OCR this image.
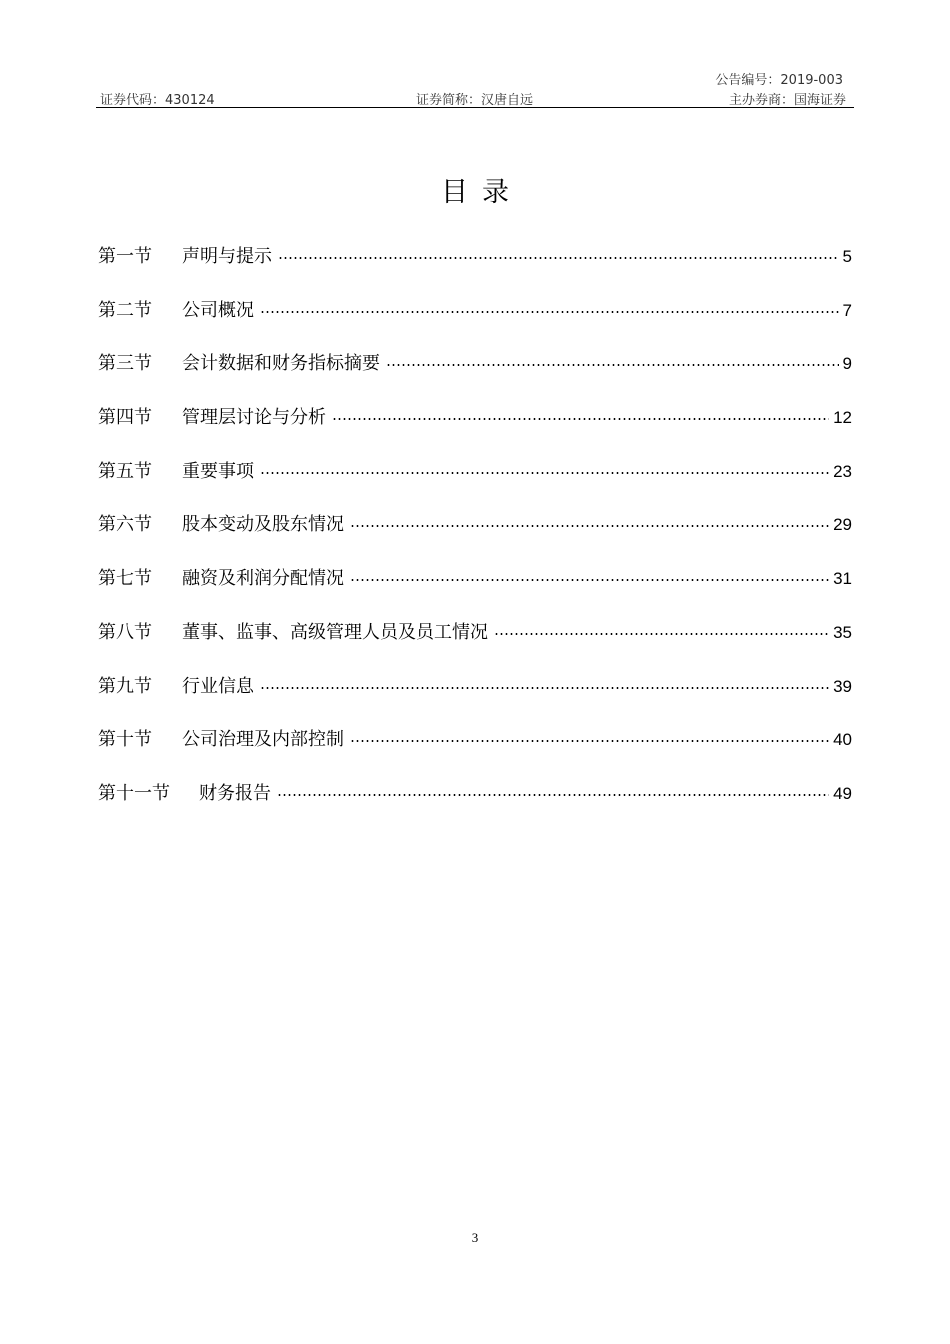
公告编号：2019-003
证券代码：430124	证券简称：汉唐自远	主办券商：国海证券
目录
第一节	声明与提示	5
第二节	公司概况	7
第三节	会计数据和财务指标摘要	9
第四节	管理层讨论与分析	12
第五节	重要事项	23
第六节	股本变动及股东情况	29
第七节	融资及利润分配情况	31
第八节	董事、监事、高级管理人员及员工情况	35
第九节	行业信息	39
第十节	公司治理及内部控制	40
第十一节	财务报告	49
3
